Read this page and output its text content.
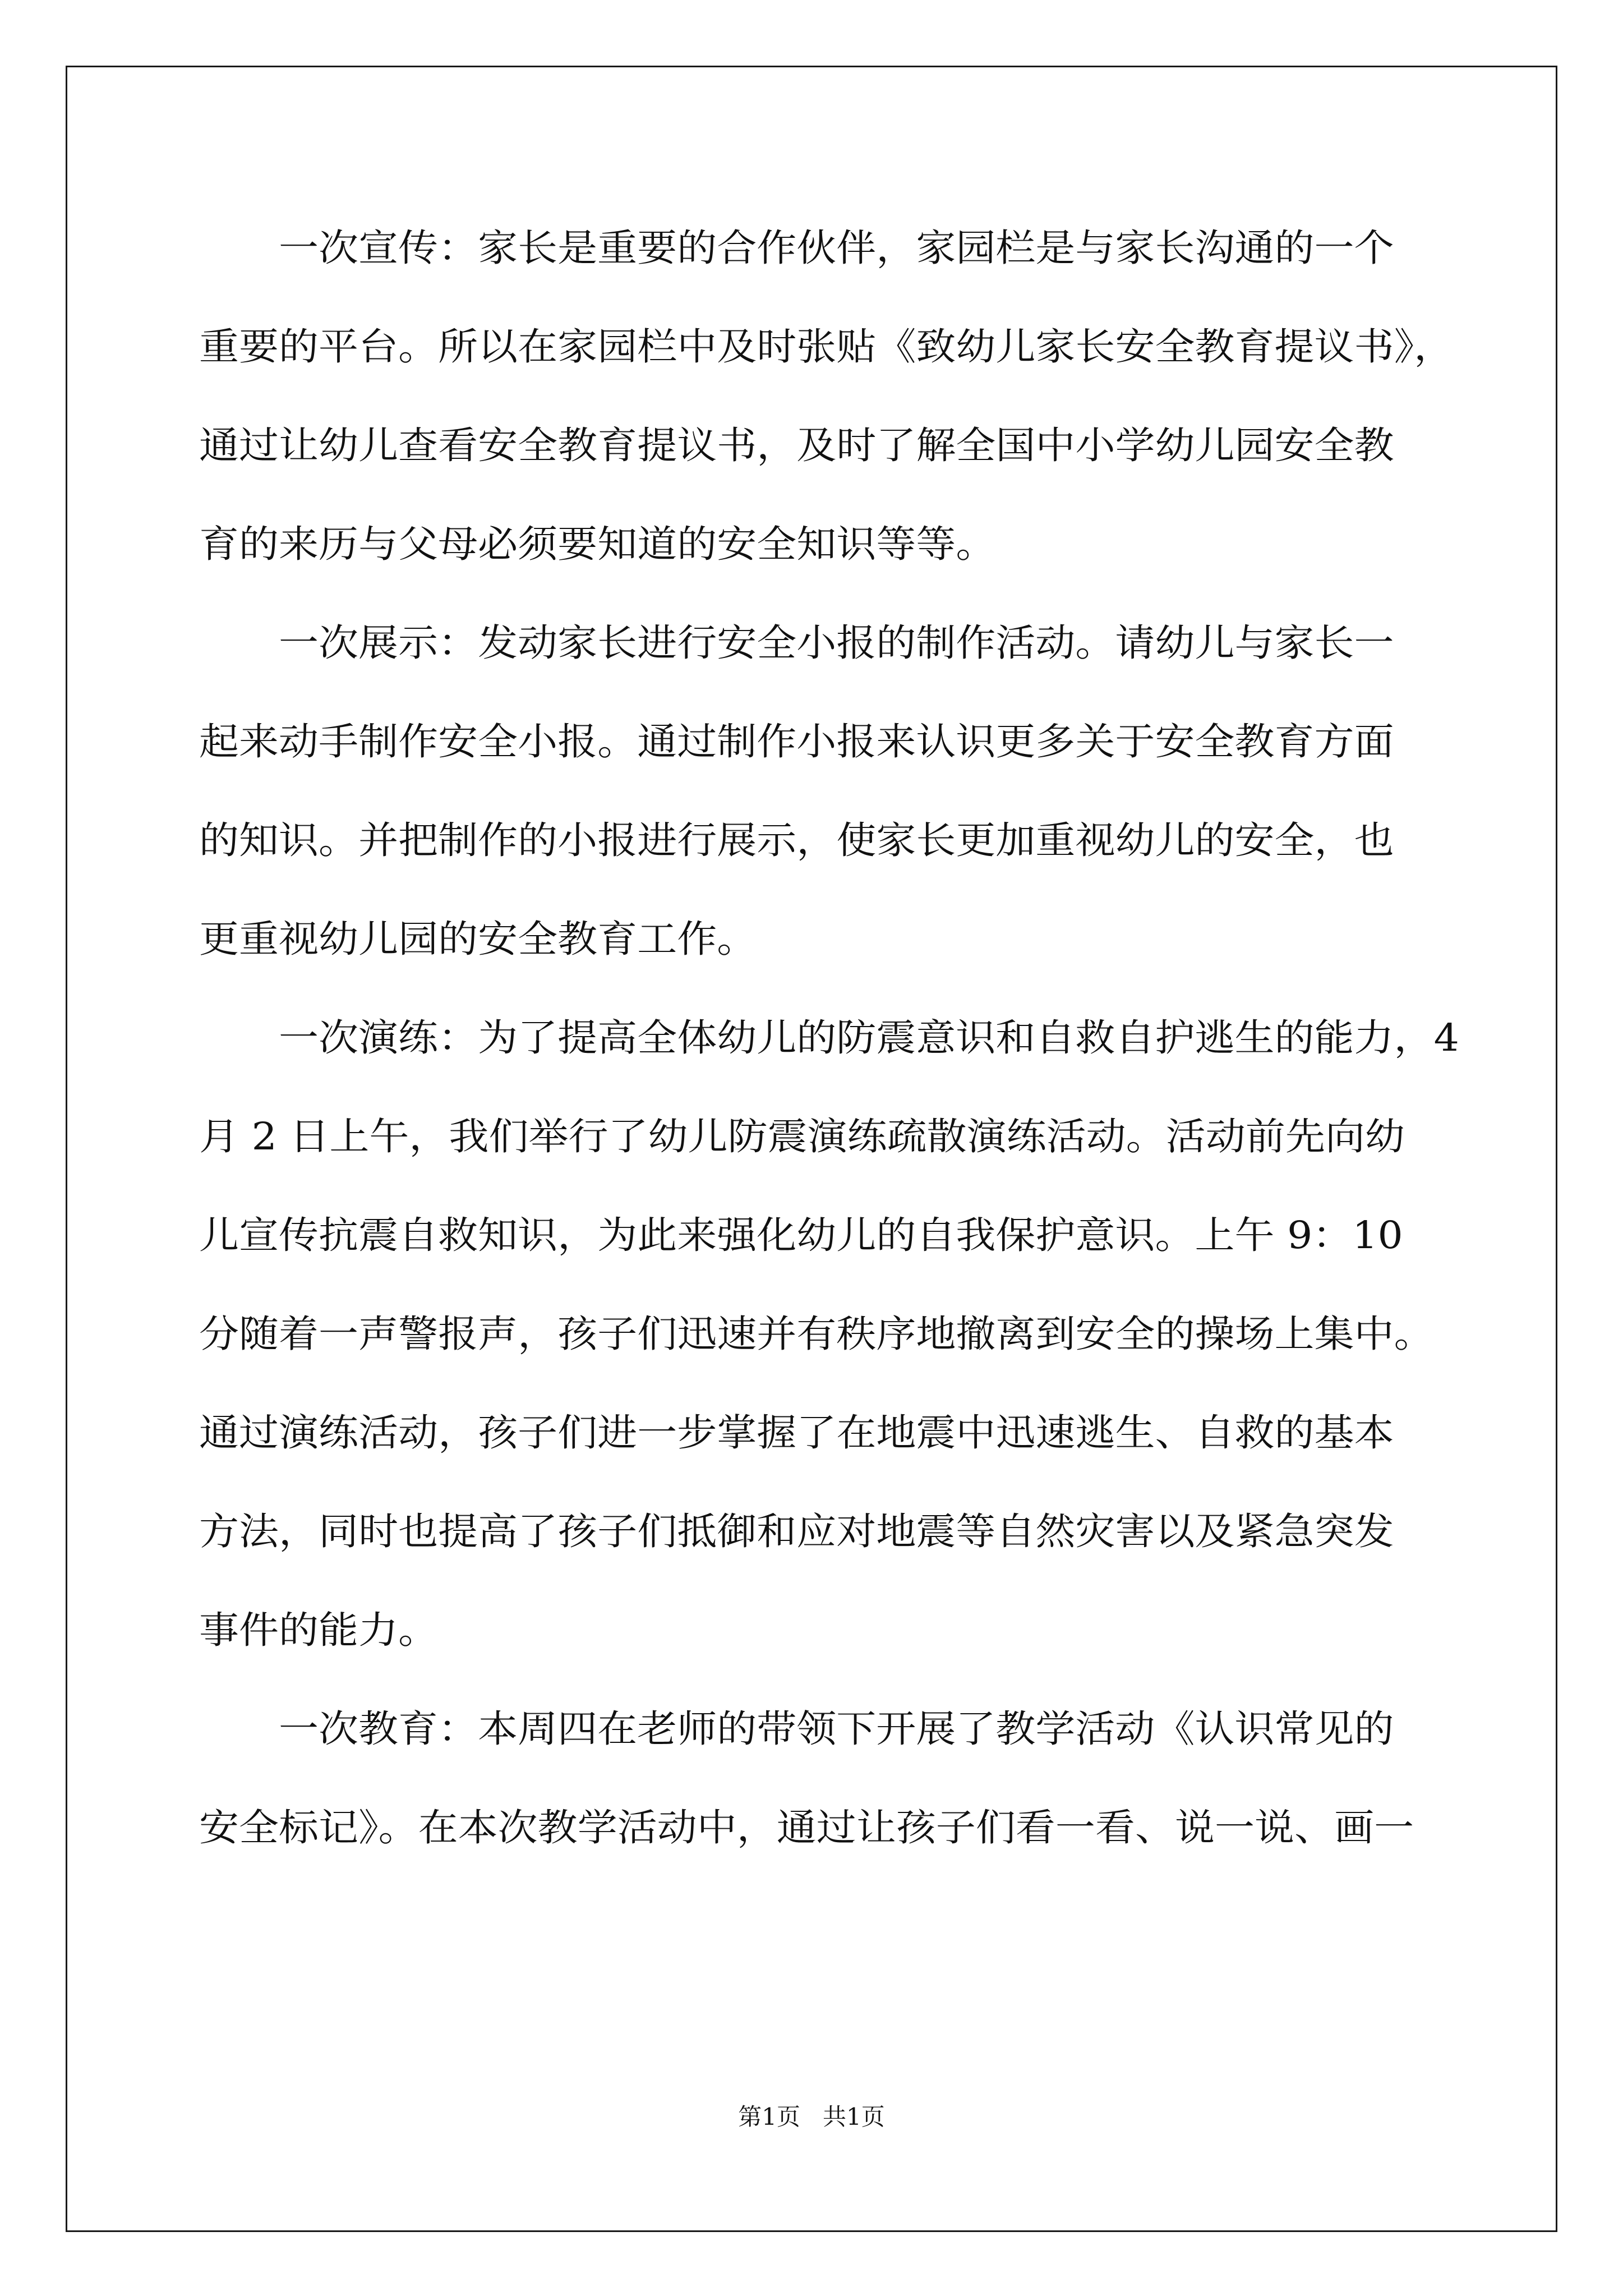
一次宣传：家长是重要的合作伙伴，家园栏是与家长沟通的一个

重要的平台。所以在家园栏中及时张贴《致幼儿家长安全教育提议书》，

通过让幼儿查看安全教育提议书，及时了解全国中小学幼儿园安全教

育的来历与父母必须要知道的安全知识等等。

一次展示：发动家长进行安全小报的制作活动。请幼儿与家长一

起来动手制作安全小报。通过制作小报来认识更多关于安全教育方面

的知识。并把制作的小报进行展示，使家长更加重视幼儿的安全，也

更重视幼儿园的安全教育工作。

一次演练：为了提高全体幼儿的防震意识和自救自护逃生的能力，4

月 2 日上午，我们举行了幼儿防震演练疏散演练活动。活动前先向幼

儿宣传抗震自救知识，为此来强化幼儿的自我保护意识。上午 9：10

分随着一声警报声，孩子们迅速并有秩序地撤离到安全的操场上集中。

通过演练活动，孩子们进一步掌握了在地震中迅速逃生、自救的基本

方法，同时也提高了孩子们抵御和应对地震等自然灾害以及紧急突发

事件的能力。

一次教育：本周四在老师的带领下开展了教学活动《认识常见的

安全标记》。在本次教学活动中，通过让孩子们看一看、说一说、画一

第1页   共1页
